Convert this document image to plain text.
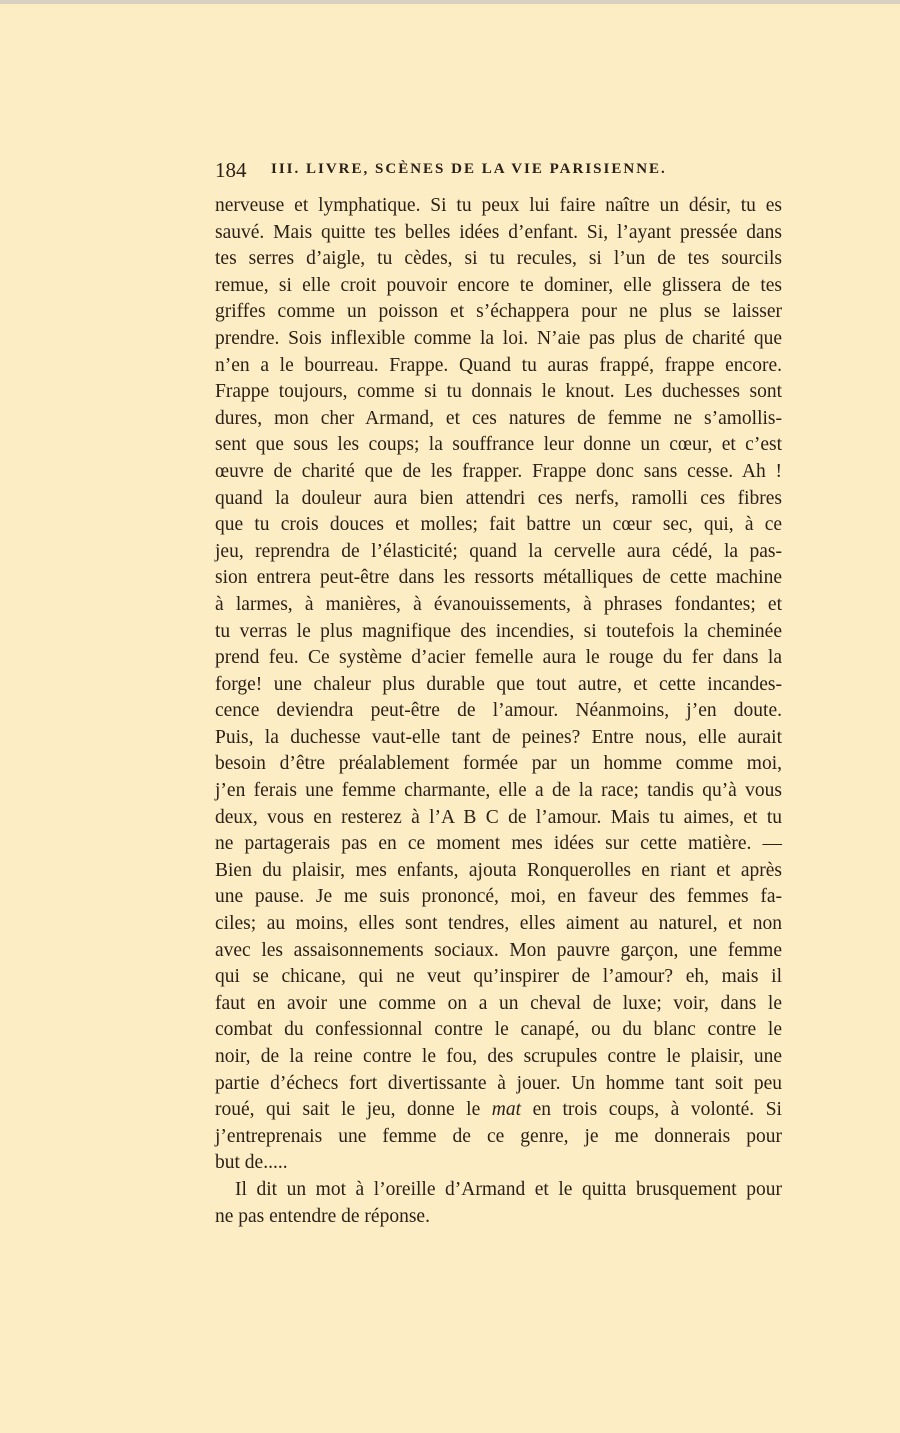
184 III. LIVRE, SCÈNES DE LA VIE PARISIENNE.
nerveuse et lymphatique. Si tu peux lui faire naître un désir, tu es
sauvé. Mais quitte tes belles idées d’enfant. Si, l’ayant pressée dans
tes serres d’aigle, tu cèdes, si tu recules, si l’un de tes sourcils
remue, si elle croit pouvoir encore te dominer, elle glissera de tes
griffes comme un poisson et s’échappera pour ne plus se laisser
prendre. Sois inflexible comme la loi. N’aie pas plus de charité que
n’en a le bourreau. Frappe. Quand tu auras frappé, frappe encore.
Frappe toujours, comme si tu donnais le knout. Les duchesses sont
dures, mon cher Armand, et ces natures de femme ne s’amollis-
sent que sous les coups; la souffrance leur donne un cœur, et c’est
œuvre de charité que de les frapper. Frappe donc sans cesse. Ah !
quand la douleur aura bien attendri ces nerfs, ramolli ces fibres
que tu crois douces et molles; fait battre un cœur sec, qui, à ce
jeu, reprendra de l’élasticité; quand la cervelle aura cédé, la pas-
sion entrera peut-être dans les ressorts métalliques de cette machine
à larmes, à manières, à évanouissements, à phrases fondantes; et
tu verras le plus magnifique des incendies, si toutefois la cheminée
prend feu. Ce système d’acier femelle aura le rouge du fer dans la
forge! une chaleur plus durable que tout autre, et cette incandes-
cence deviendra peut-être de l’amour. Néanmoins, j’en doute.
Puis, la duchesse vaut-elle tant de peines? Entre nous, elle aurait
besoin d’être préalablement formée par un homme comme moi,
j’en ferais une femme charmante, elle a de la race; tandis qu’à vous
deux, vous en resterez à l’A B C de l’amour. Mais tu aimes, et tu
ne partagerais pas en ce moment mes idées sur cette matière. —
Bien du plaisir, mes enfants, ajouta Ronquerolles en riant et après
une pause. Je me suis prononcé, moi, en faveur des femmes fa-
ciles; au moins, elles sont tendres, elles aiment au naturel, et non
avec les assaisonnements sociaux. Mon pauvre garçon, une femme
qui se chicane, qui ne veut qu’inspirer de l’amour? eh, mais il
faut en avoir une comme on a un cheval de luxe; voir, dans le
combat du confessionnal contre le canapé, ou du blanc contre le
noir, de la reine contre le fou, des scrupules contre le plaisir, une
partie d’échecs fort divertissante à jouer. Un homme tant soit peu
roué, qui sait le jeu, donne le mat en trois coups, à volonté. Si
j’entreprenais une femme de ce genre, je me donnerais pour
but de.....
Il dit un mot à l’oreille d’Armand et le quitta brusquement pour
ne pas entendre de réponse.
